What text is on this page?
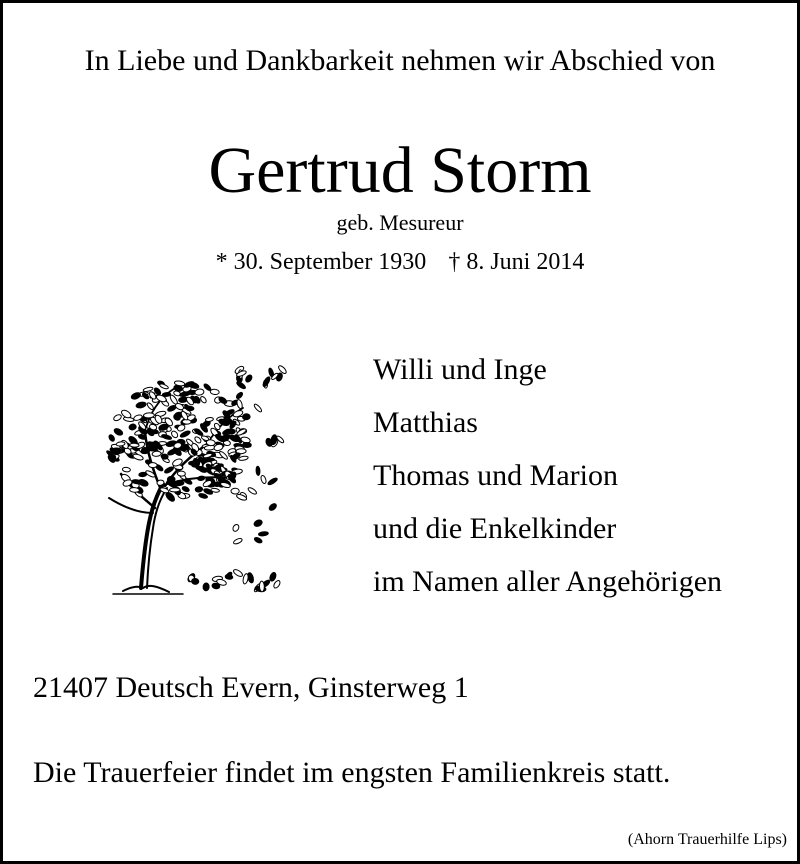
In Liebe und Dankbarkeit nehmen wir Abschied von
Gertrud Storm
geb. Mesureur
* 30. September 1930 † 8. Juni 2014
Willi und Inge
Matthias
Thomas und Marion
und die Enkelkinder
im Namen aller Angehörigen
21407 Deutsch Evern, Ginsterweg 1
Die Trauerfeier findet im engsten Familienkreis statt.
(Ahorn Trauerhilfe Lips)
